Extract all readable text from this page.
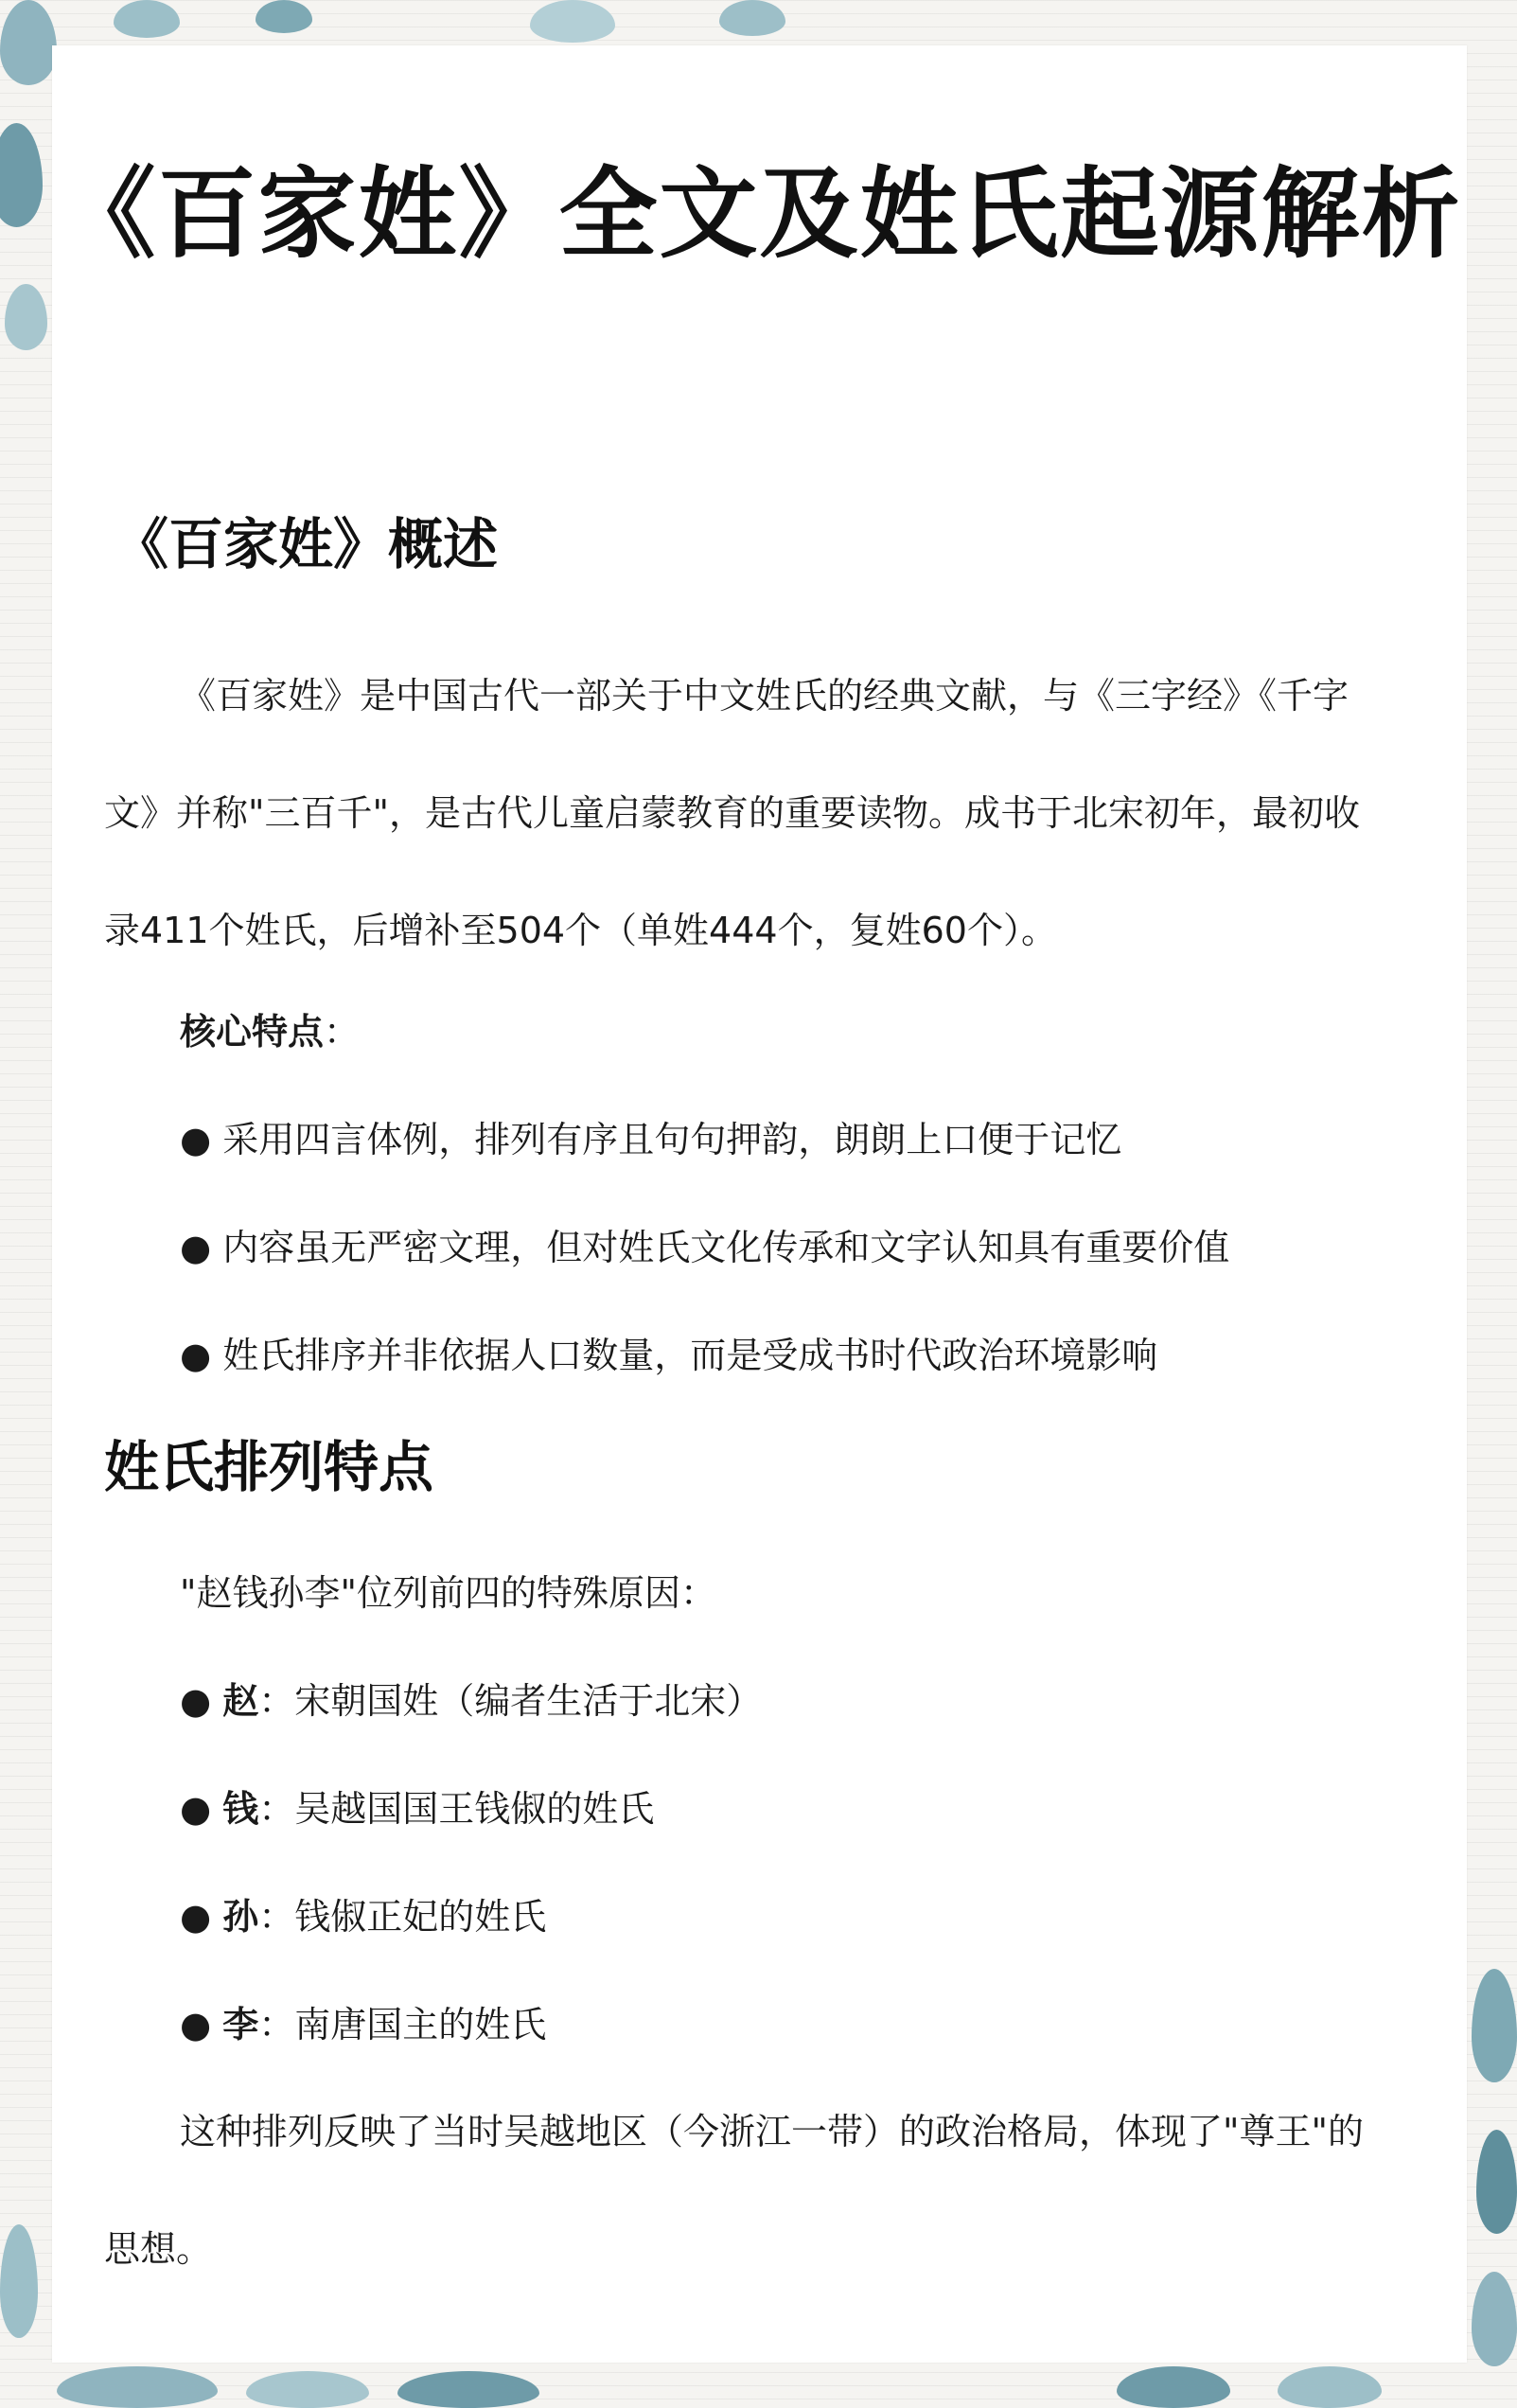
《百家姓》全文及姓氏起源解析
《百家姓》概述

《百家姓》是中国古代一部关于中文姓氏的经典文献，与《三字经》《千字文》并称"三百千"，是古代儿童启蒙教育的重要读物。成书于北宋初年，最初收录411个姓氏，后增补至504个（单姓444个，复姓60个）。

核心特点：

● 采用四言体例，排列有序且句句押韵，朗朗上口便于记忆

● 内容虽无严密文理，但对姓氏文化传承和文字认知具有重要价值

● 姓氏排序并非依据人口数量，而是受成书时代政治环境影响

姓氏排列特点

"赵钱孙李"位列前四的特殊原因：

● 赵：宋朝国姓（编者生活于北宋）

● 钱：吴越国国王钱俶的姓氏

● 孙：钱俶正妃的姓氏

● 李：南唐国主的姓氏

这种排列反映了当时吴越地区（今浙江一带）的政治格局，体现了"尊王"的思想。
